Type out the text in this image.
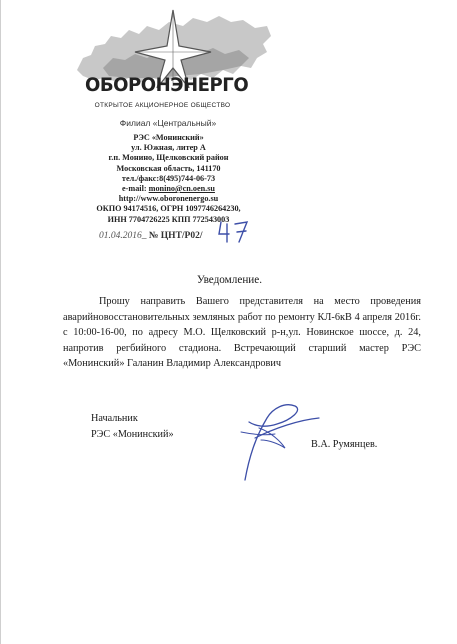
ОБОРОНЭНЕРГО
ОТКРЫТОЕ АКЦИОНЕРНОЕ ОБЩЕСТВО
Филиал «Центральный»
РЭС «Монинский»
ул. Южная, литер А
г.п. Монино, Щелковский район
Московская область, 141170
тел./факс:8(495)744-06-73
e-mail: monino@cn.oen.su
http://www.oboronenergo.su
ОКПО 94174516, ОГРН 1097746264230,
ИНН 7704726225 КПП 772543003
01.04.2016_ № ЦНТ/Р02/
Уведомление.
Прошу направить Вашего представителя на место проведения аварийновосстановительных земляных работ по ремонту КЛ-6кВ 4 апреля 2016г. с 10:00-16-00, по адресу М.О. Щелковский р-н,ул. Новинское шоссе, д. 24, напротив регбийного стадиона. Встречающий старший мастер РЭС «Монинский» Галанин Владимир Александрович
Начальник
РЭС «Монинский»
В.А. Румянцев.
